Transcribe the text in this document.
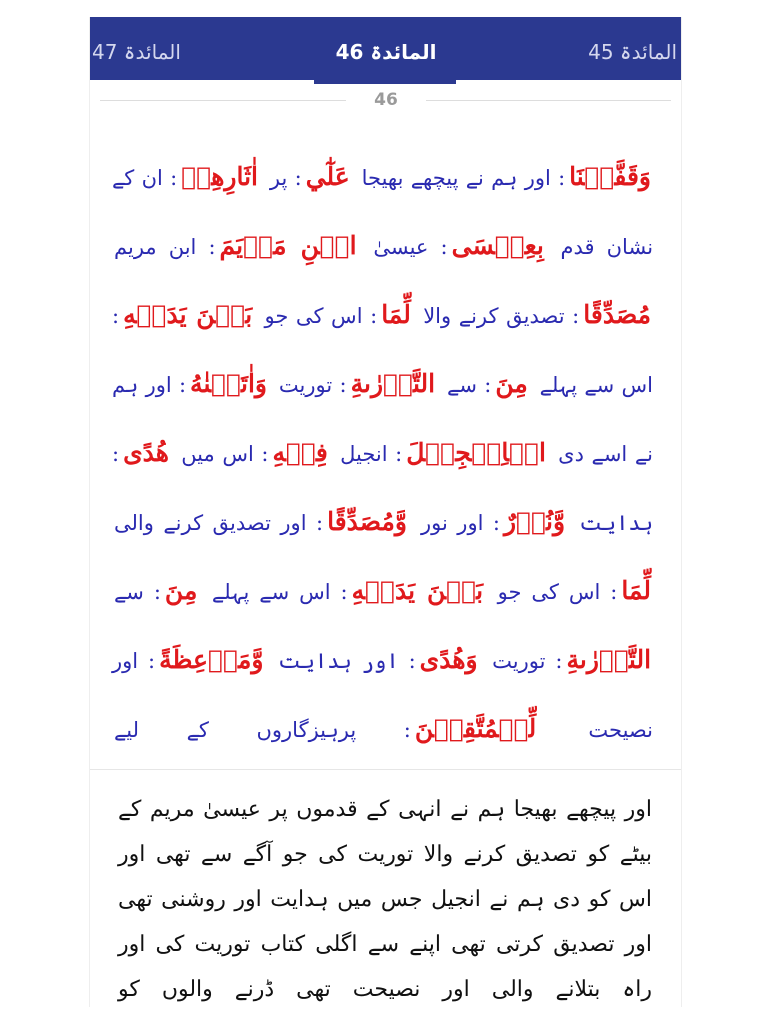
المائدۃ 47	المائدۃ 46	المائدۃ 45
46
وَقَفَّيۡنَا: اور ہم نے پیچھے بھیجا عَلٰٓي: پر اٰثَارِهِمۡ: ان کے نشان قدم بِعِيۡسَى: عیسیٰ ابۡنِ مَرۡيَمَ: ابن مریم مُصَدِّقًا: تصدیق کرنے والا لِّمَا: اس کی جو بَيۡنَ يَدَيۡهِ: اس سے پہلے مِنَ: سے التَّوۡرٰىةِ: توریت وَاٰتَيۡنٰهُ: اور ہم نے اسے دی الۡاِنۡجِيۡلَ: انجیل فِيۡهِ: اس میں هُدًى: ہدایت وَّنُوۡرٌ: اور نور وَّمُصَدِّقًا: اور تصدیق کرنے والی لِّمَا: اس کی جو بَيۡنَ يَدَيۡهِ: اس سے پہلے مِنَ: سے التَّوۡرٰىةِ: توریت وَهُدًى: اور ہدایت وَّمَوۡعِظَةً: اور نصیحت لِّلۡمُتَّقِيۡنَ: پرہیزگاروں کے لیے
اور پیچھے بھیجا ہم نے انہی کے قدموں پر عیسیٰ مریم کے بیٹے کو تصدیق کرنے والا توریت کی جو آگے سے تھی اور اس کو دی ہم نے انجیل جس میں ہدایت اور روشنی تھی اور تصدیق کرتی تھی اپنے سے اگلی کتاب توریت کی اور راہ بتلانے والی اور نصیحت تھی ڈرنے والوں کو
